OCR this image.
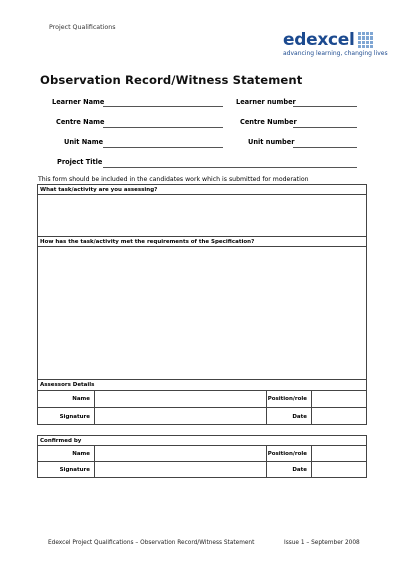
Project Qualifications
edexcel
advancing learning, changing lives
Observation Record/Witness Statement
Learner Name	Learner number
Centre Name	Centre Number
Unit Name	Unit number
Project Title
This form should be included in the candidates work which is submitted for moderation
What task/activity are you assessing?
How has the task/activity met the requirements of the Specification?
Assessors Details
Name	Position/role
Signature	Date
Confirmed by
Name	Position/role
Signature	Date
Edexcel Project Qualifications – Observation Record/Witness Statement	Issue 1 – September 2008
